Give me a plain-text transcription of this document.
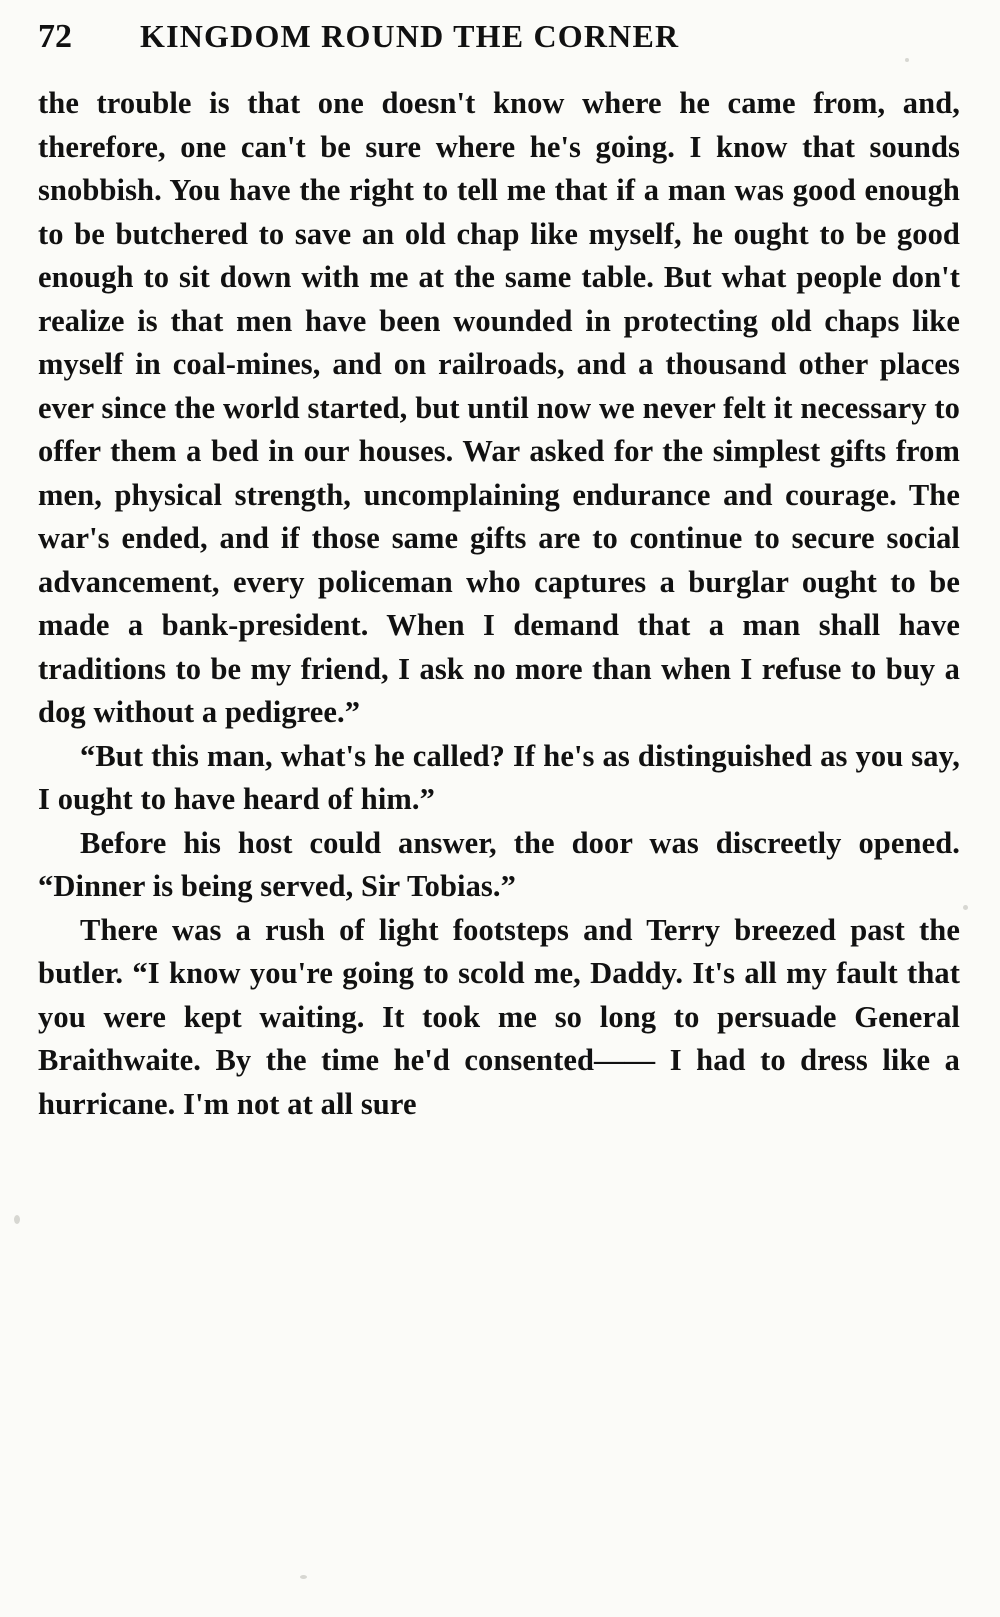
72	KINGDOM ROUND THE CORNER

the trouble is that one doesn't know where he came from, and, therefore, one can't be sure where he's going. I know that sounds snobbish. You have the right to tell me that if a man was good enough to be butchered to save an old chap like myself, he ought to be good enough to sit down with me at the same table. But what people don't realize is that men have been wounded in protecting old chaps like myself in coal-mines, and on railroads, and a thousand other places ever since the world started, but until now we never felt it necessary to offer them a bed in our houses. War asked for the simplest gifts from men, physical strength, uncomplaining endurance and courage. The war's ended, and if those same gifts are to continue to secure social advancement, every policeman who captures a burglar ought to be made a bank-president. When I demand that a man shall have traditions to be my friend, I ask no more than when I refuse to buy a dog without a pedigree.”

“But this man, what's he called? If he's as distinguished as you say, I ought to have heard of him.”

Before his host could answer, the door was discreetly opened. “Dinner is being served, Sir Tobias.”

There was a rush of light footsteps and Terry breezed past the butler. “I know you're going to scold me, Daddy. It's all my fault that you were kept waiting. It took me so long to persuade General Braithwaite. By the time he'd consented—— I had to dress like a hurricane. I'm not at all sure
